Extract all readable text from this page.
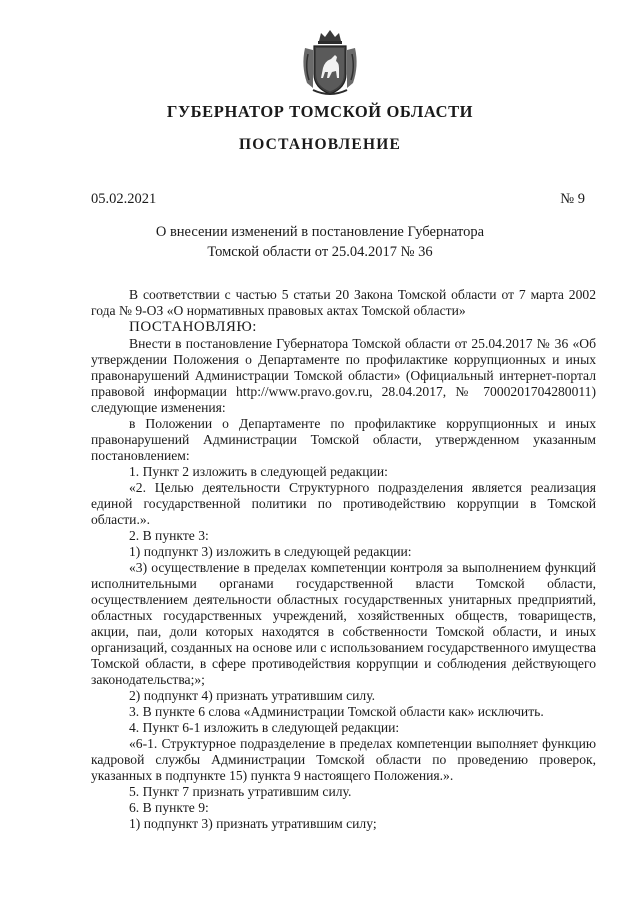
ГУБЕРНАТОР ТОМСКОЙ ОБЛАСТИ
ПОСТАНОВЛЕНИЕ
05.02.2021	№ 9
О внесении изменений в постановление Губернатора
Томской области от 25.04.2017 № 36

В соответствии с частью 5 статьи 20 Закона Томской области от 7 марта 2002 года № 9-ОЗ «О нормативных правовых актах Томской области»

ПОСТАНОВЛЯЮ:

Внести в постановление Губернатора Томской области от 25.04.2017 № 36 «Об утверждении Положения о Департаменте по профилактике коррупционных и иных правонарушений Администрации Томской области» (Официальный интернет-портал правовой информации http://www.pravo.gov.ru, 28.04.2017, № 7000201704280011) следующие изменения:

в Положении о Департаменте по профилактике коррупционных и иных правонарушений Администрации Томской области, утвержденном указанным постановлением:

1. Пункт 2 изложить в следующей редакции:

«2. Целью деятельности Структурного подразделения является реализация единой государственной политики по противодействию коррупции в Томской области.».

2. В пункте 3:

1) подпункт 3) изложить в следующей редакции:

«3) осуществление в пределах компетенции контроля за выполнением функций исполнительными органами государственной власти Томской области, осуществлением деятельности областных государственных унитарных предприятий, областных государственных учреждений, хозяйственных обществ, товариществ, акции, паи, доли которых находятся в собственности Томской области, и иных организаций, созданных на основе или с использованием государственного имущества Томской области, в сфере противодействия коррупции и соблюдения действующего законодательства;»;

2) подпункт 4) признать утратившим силу.

3. В пункте 6 слова «Администрации Томской области как» исключить.

4. Пункт 6-1 изложить в следующей редакции:

«6-1. Структурное подразделение в пределах компетенции выполняет функцию кадровой службы Администрации Томской области по проведению проверок, указанных в подпункте 15) пункта 9 настоящего Положения.».

5. Пункт 7 признать утратившим силу.

6. В пункте 9:

1) подпункт 3) признать утратившим силу;
